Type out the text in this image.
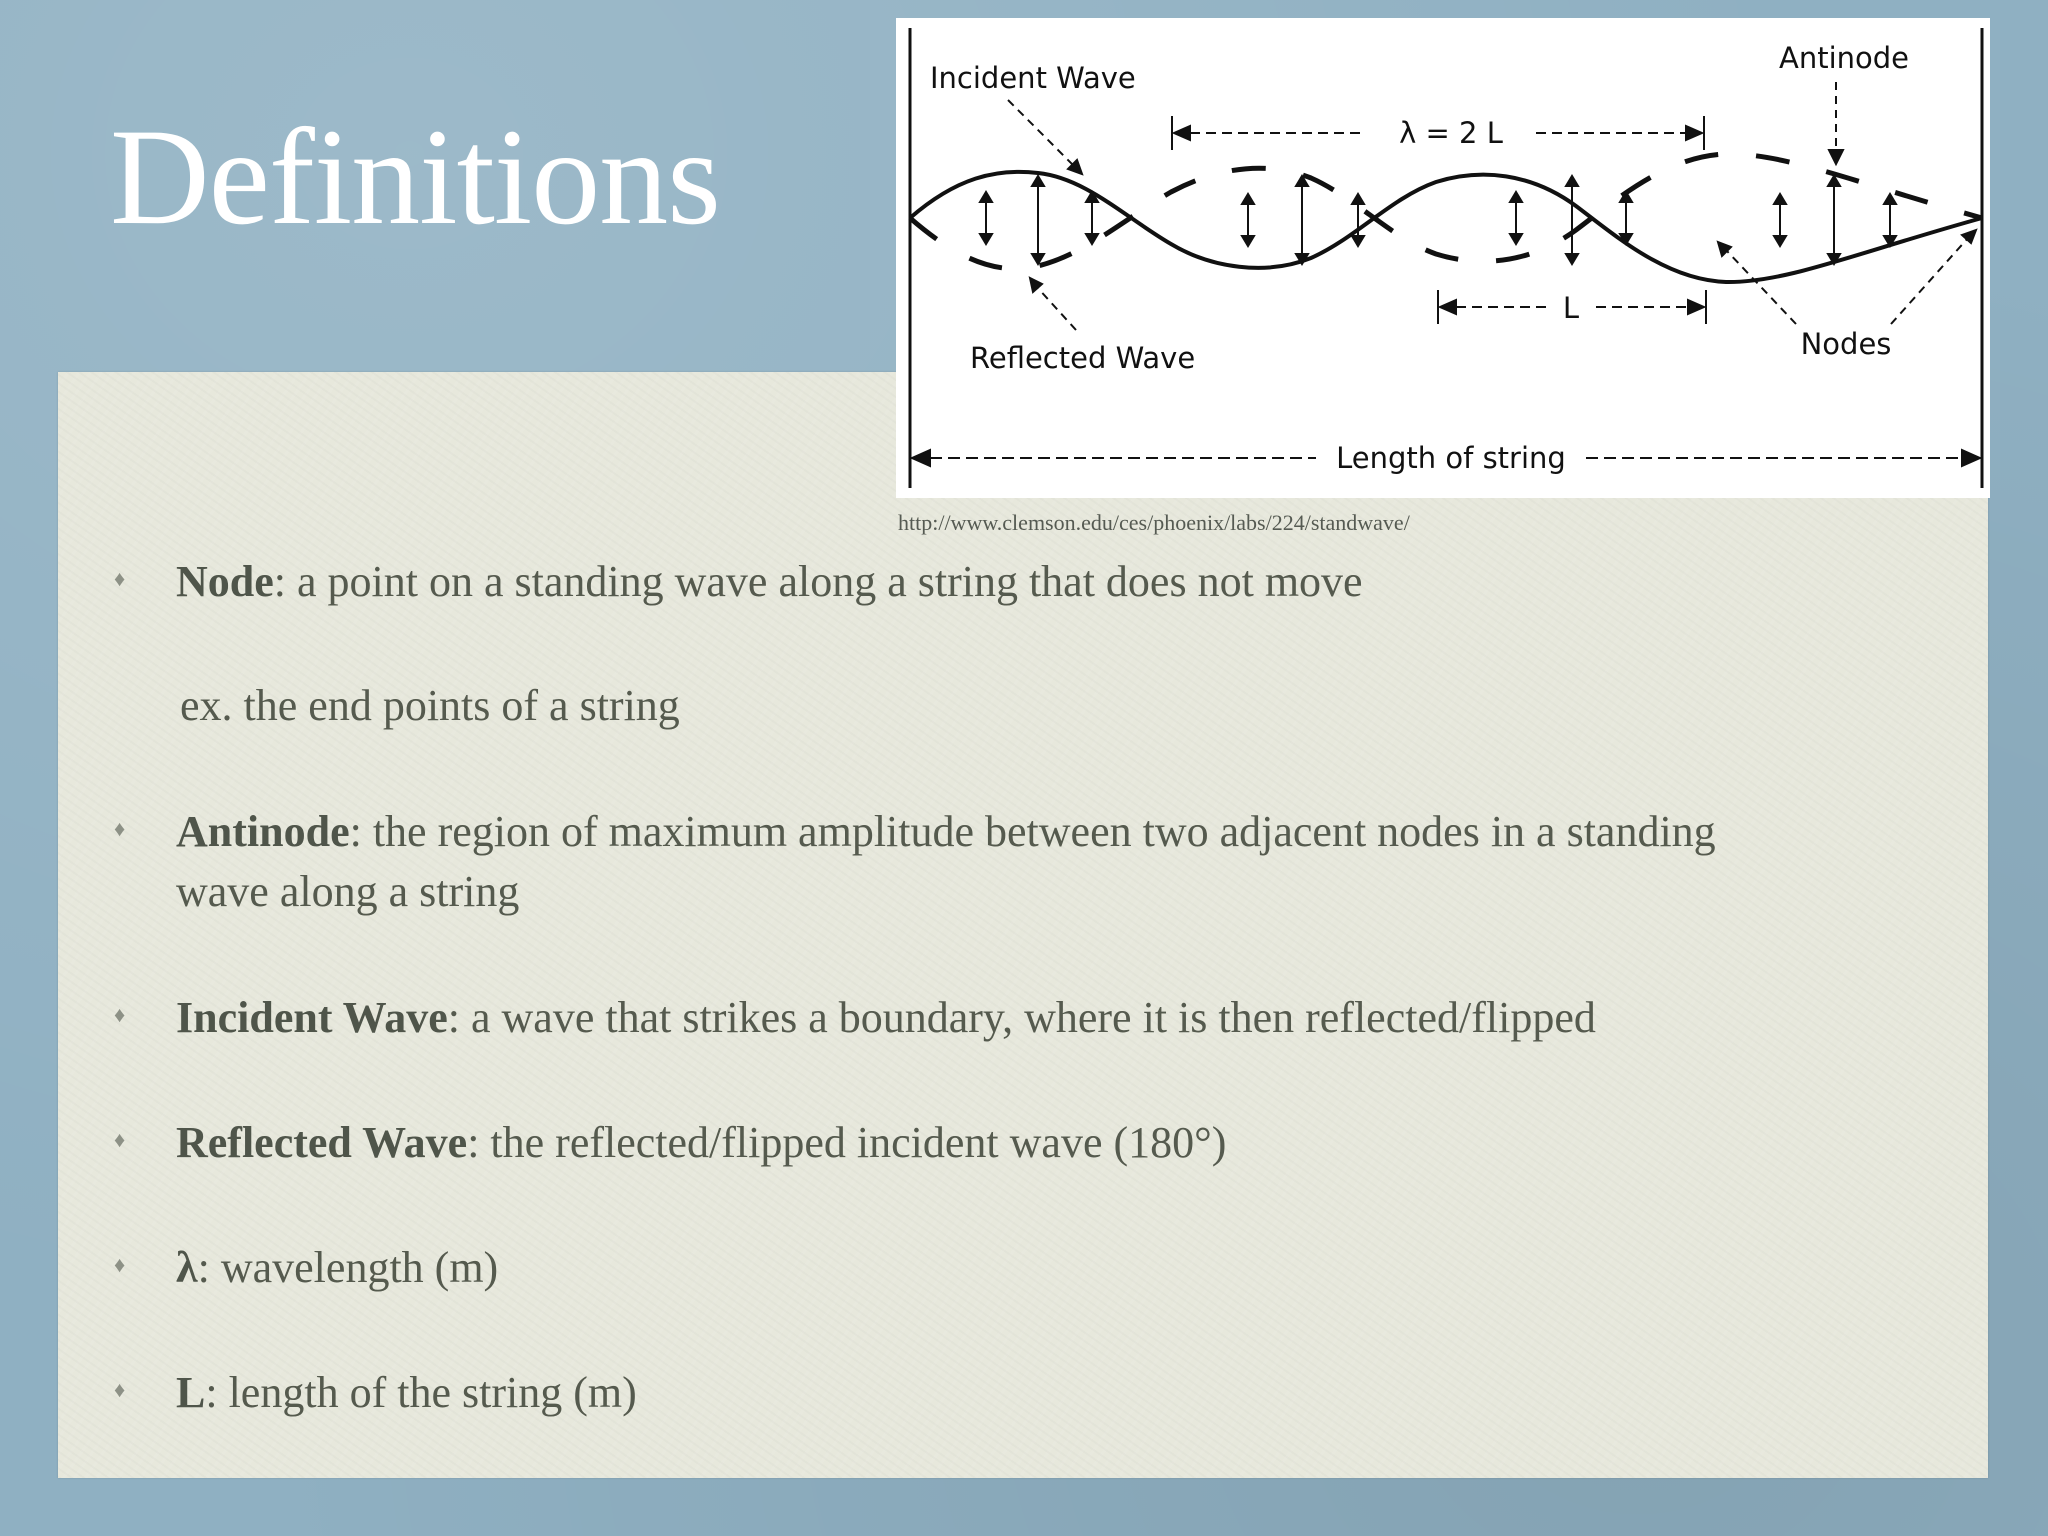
Definitions	λ = 2 L
L
Length of string
Incident Wave
Antinode
Reflected Wave	Nodes
http://www.clemson.edu/ces/phoenix/labs/224/standwave/
♦ Node: a point on a standing wave along a string that does not move
ex. the end points of a string
♦ Antinode: the region of maximum amplitude between two adjacent nodes in a standing wave along a string
♦ Incident Wave: a wave that strikes a boundary, where it is then reflected/flipped
♦ Reflected Wave: the reflected/flipped incident wave (180°)
♦ λ: wavelength (m)
♦ L: length of the string (m)
